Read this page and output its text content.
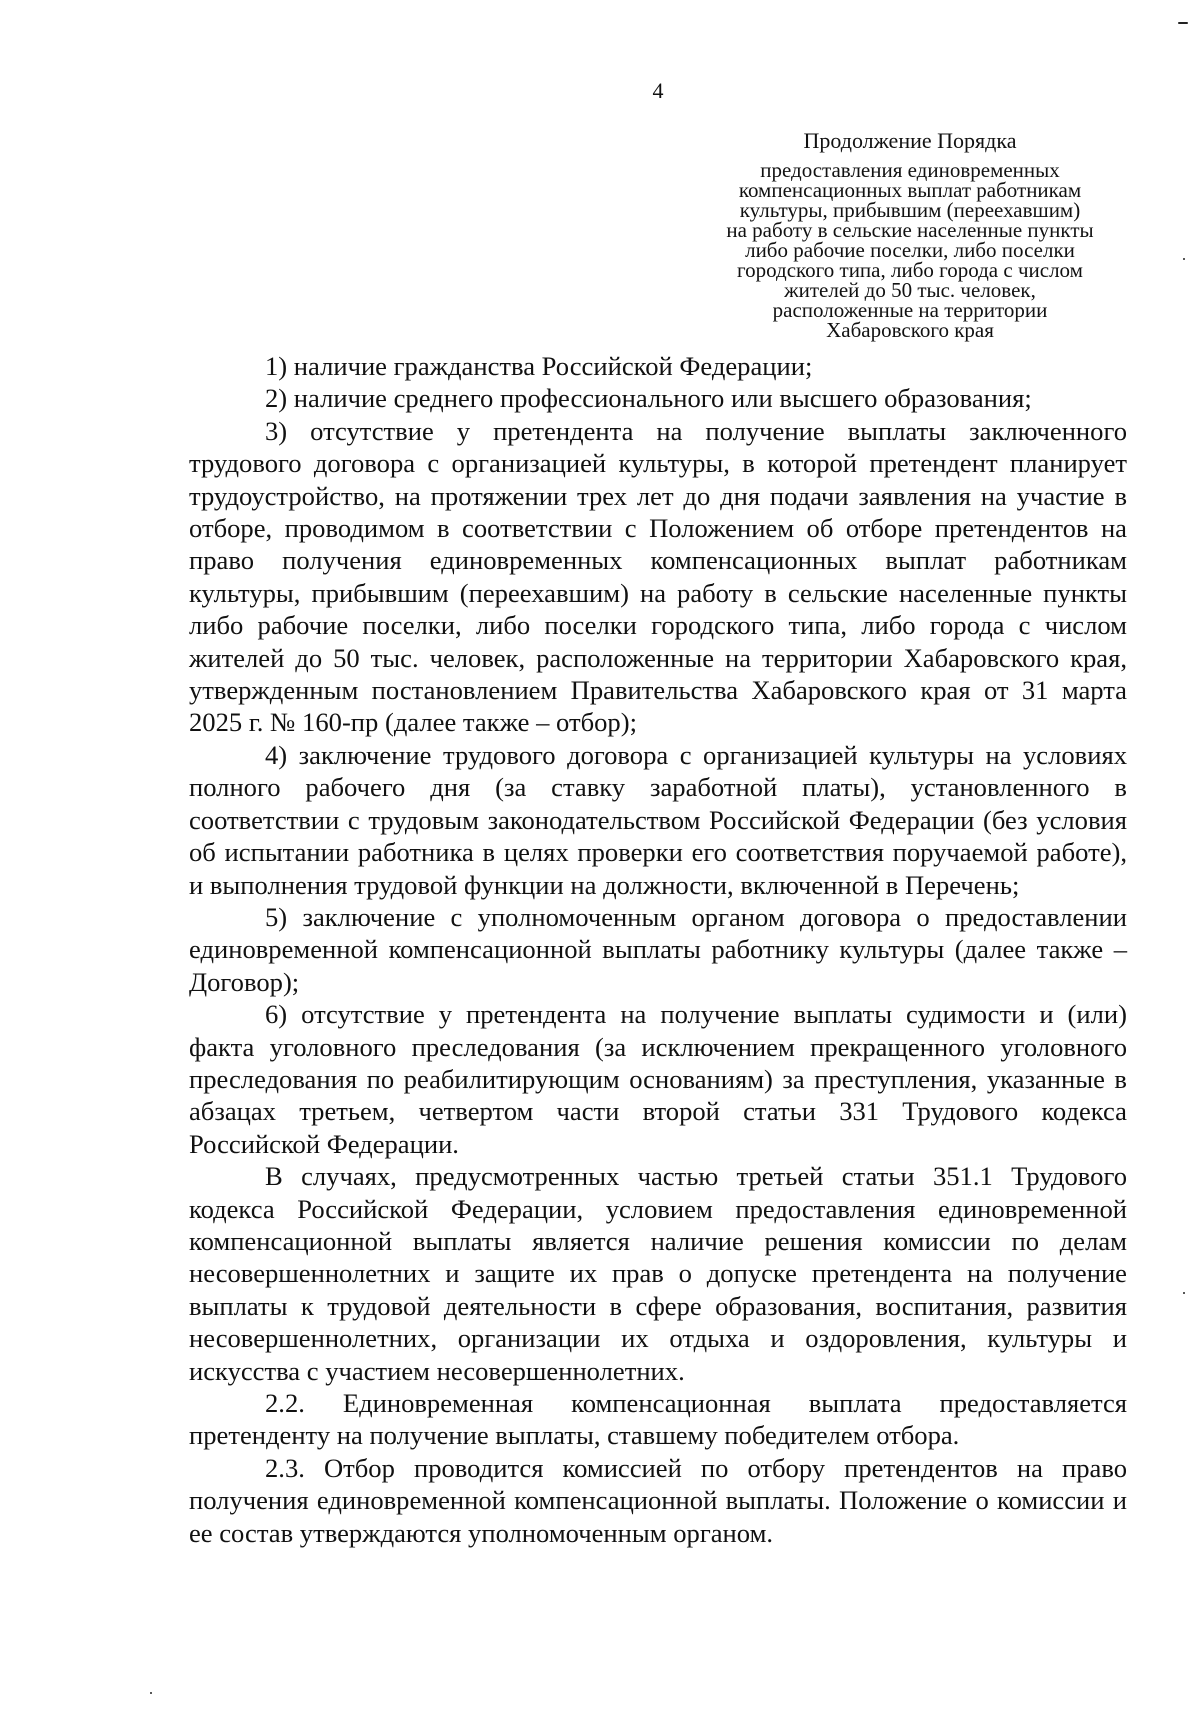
4
Продолжение Порядка
предоставления единовременных
компенсационных выплат работникам
культуры, прибывшим (переехавшим)
на работу в сельские населенные пункты
либо рабочие поселки, либо поселки
городского типа, либо города с числом
жителей до 50 тыс. человек,
расположенные на территории
Хабаровского края

1) наличие гражданства Российской Федерации;

2) наличие среднего профессионального или высшего образования;

3) отсутствие у претендента на получение выплаты заключенного трудового договора с организацией культуры, в которой претендент планирует трудоустройство, на протяжении трех лет до дня подачи заявления на участие в отборе, проводимом в соответствии с Положением об отборе претендентов на право получения единовременных компенсационных выплат работникам культуры, прибывшим (переехавшим) на работу в сельские населенные пункты либо рабочие поселки, либо поселки городского типа, либо города с числом жителей до 50 тыс. человек, расположенные на территории Хабаровского края, утвержденным постановлением Правительства Хабаровского края от 31 марта 2025 г. № 160-пр (далее также – отбор);

4) заключение трудового договора с организацией культуры на условиях полного рабочего дня (за ставку заработной платы), установленного в соответствии с трудовым законодательством Российской Федерации (без условия об испытании работника в целях проверки его соответствия поручаемой работе), и выполнения трудовой функции на должности, включенной в Перечень;

5) заключение с уполномоченным органом договора о предоставлении единовременной компенсационной выплаты работнику культуры (далее также – Договор);

6) отсутствие у претендента на получение выплаты судимости и (или) факта уголовного преследования (за исключением прекращенного уголовного преследования по реабилитирующим основаниям) за преступления, указанные в абзацах третьем, четвертом части второй статьи 331 Трудового кодекса Российской Федерации.

В случаях, предусмотренных частью третьей статьи 351.1 Трудового кодекса Российской Федерации, условием предоставления единовременной компенсационной выплаты является наличие решения комиссии по делам несовершеннолетних и защите их прав о допуске претендента на получение выплаты к трудовой деятельности в сфере образования, воспитания, развития несовершеннолетних, организации их отдыха и оздоровления, культуры и искусства с участием несовершеннолетних.

2.2. Единовременная компенсационная выплата предоставляется претенденту на получение выплаты, ставшему победителем отбора.

2.3. Отбор проводится комиссией по отбору претендентов на право получения единовременной компенсационной выплаты. Положение о комиссии и ее состав утверждаются уполномоченным органом.
